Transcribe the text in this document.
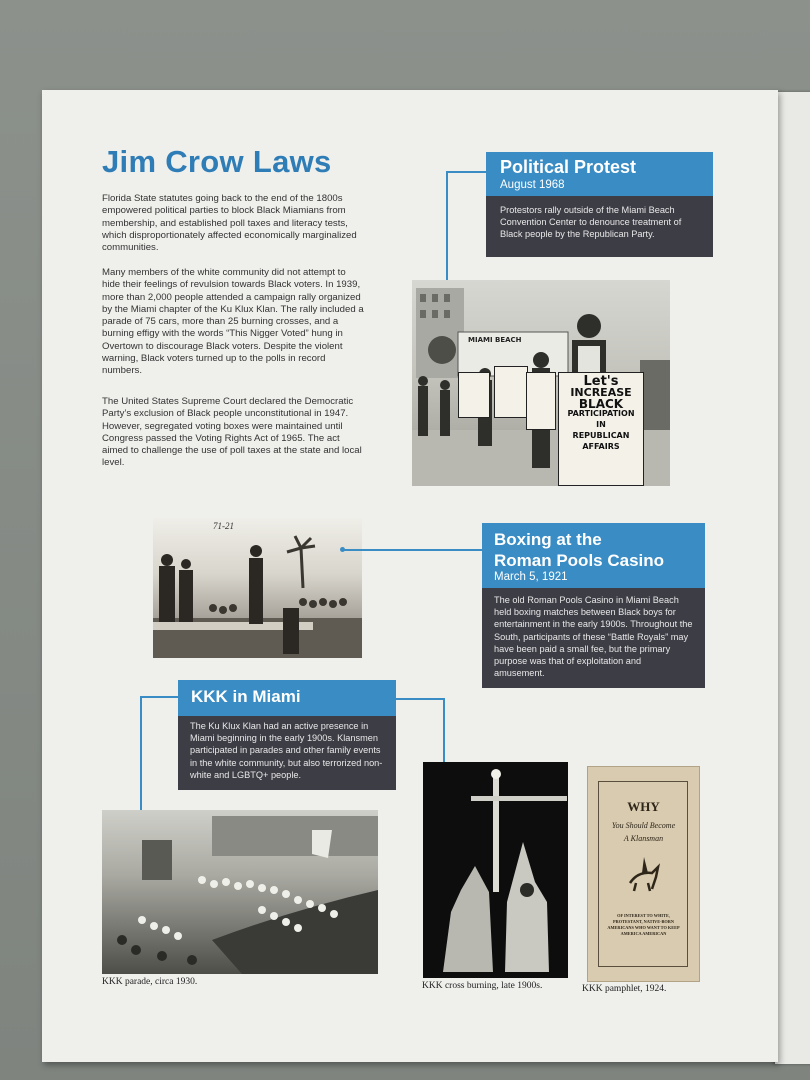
Jim Crow Laws
Florida State statutes going back to the end of the 1800s empowered political parties to block Black Miamians from membership, and established poll taxes and literacy tests, which disproportionately affected economically marginalized communities.
Many members of the white community did not attempt to hide their feelings of revulsion towards Black voters. In 1939, more than 2,000 people attended a campaign rally organized by the Miami chapter of the Ku Klux Klan. The rally included a parade of 75 cars, more than 25 burning crosses, and a burning effigy with the words “This Nigger Voted” hung in Overtown to discourage Black voters. Despite the violent warning, Black voters turned up to the polls in record numbers.
The United States Supreme Court declared the Democratic Party’s exclusion of Black people unconstitutional in 1947. However, segregated voting boxes were maintained until Congress passed the Voting Rights Act of 1965. The act aimed to challenge the use of poll taxes at the state and local level.
Political Protest
August 1968
Protestors rally outside of the Miami Beach Convention Center to denounce treatment of Black people by the Republican Party.
MIAMI BEACH
Let's
INCREASE
BLACK
PARTICIPATION
IN
REPUBLICAN
AFFAIRS
71-21
Boxing at the
Roman Pools Casino
March 5, 1921
The old Roman Pools Casino in Miami Beach held boxing matches between Black boys for entertainment in the early 1900s. Throughout the South, participants of these “Battle Royals” may have been paid a small fee, but the primary purpose was that of exploitation and amusement.
KKK in Miami
The Ku Klux Klan had an active presence in Miami beginning in the early 1900s. Klansmen participated in parades and other family events in the white community, but also terrorized non-white and LGBTQ+ people.
KKK parade, circa 1930.	KKK cross burning, late 1900s.
WHY
You Should Become
A Klansman
OF INTEREST TO WHITE, PROTESTANT, NATIVE-BORN AMERICANS WHO WANT TO KEEP AMERICA AMERICAN
KKK pamphlet, 1924.
